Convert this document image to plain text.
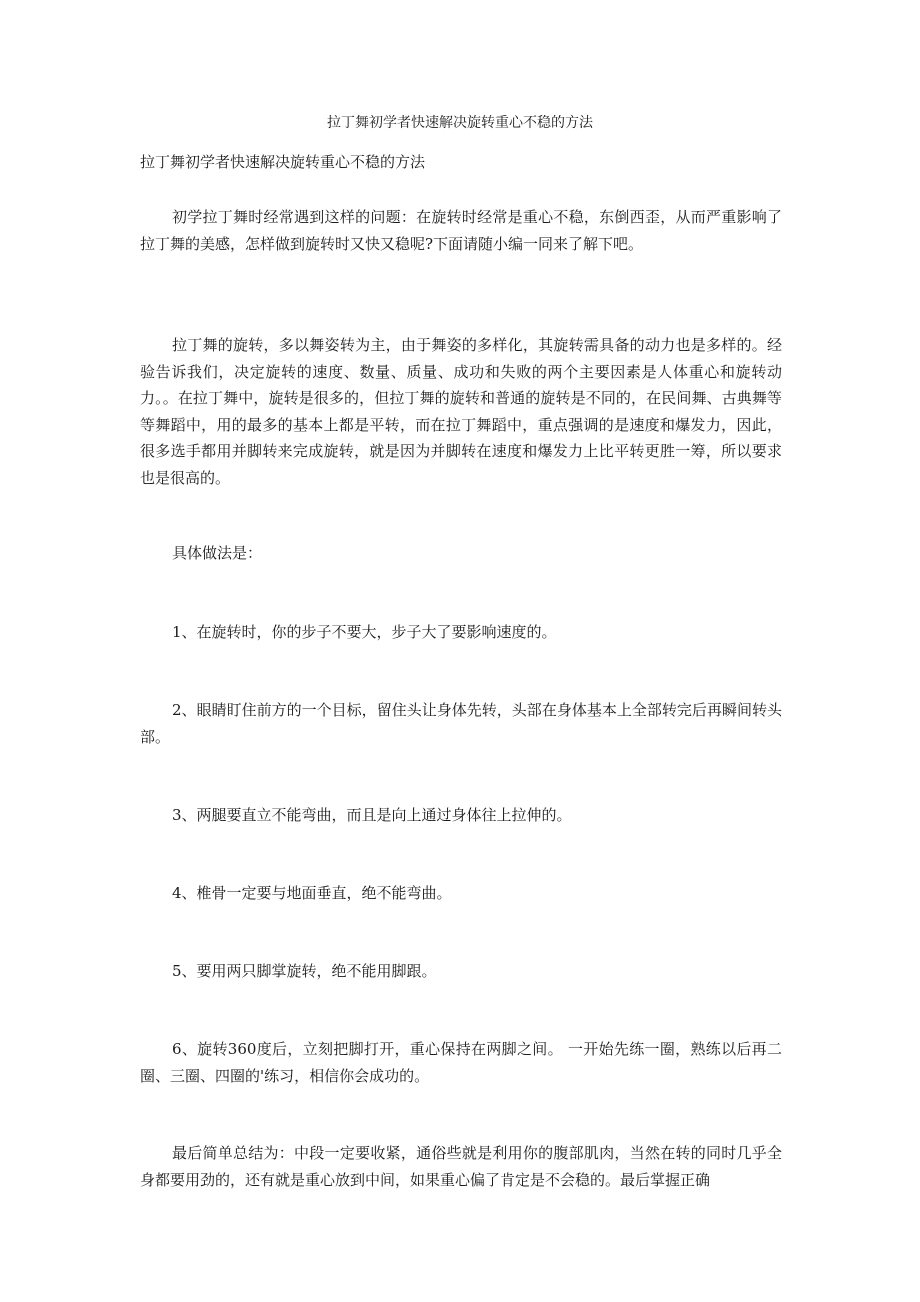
拉丁舞初学者快速解决旋转重心不稳的方法
拉丁舞初学者快速解决旋转重心不稳的方法

初学拉丁舞时经常遇到这样的问题：在旋转时经常是重心不稳，东倒西歪，从而严重影响了拉丁舞的美感，怎样做到旋转时又快又稳呢?下面请随小编一同来了解下吧。

拉丁舞的旋转，多以舞姿转为主，由于舞姿的多样化，其旋转需具备的动力也是多样的。经验告诉我们，决定旋转的速度、数量、质量、成功和失败的两个主要因素是人体重心和旋转动力。。在拉丁舞中，旋转是很多的，但拉丁舞的旋转和普通的旋转是不同的，在民间舞、古典舞等等舞蹈中，用的最多的基本上都是平转，而在拉丁舞蹈中，重点强调的是速度和爆发力，因此，很多选手都用并脚转来完成旋转，就是因为并脚转在速度和爆发力上比平转更胜一筹，所以要求也是很高的。

具体做法是：

1、在旋转时，你的步子不要大，步子大了要影响速度的。

2、眼睛盯住前方的一个目标，留住头让身体先转，头部在身体基本上全部转完后再瞬间转头部。

3、两腿要直立不能弯曲，而且是向上通过身体往上拉伸的。

4、椎骨一定要与地面垂直，绝不能弯曲。

5、要用两只脚掌旋转，绝不能用脚跟。

6、旋转360度后，立刻把脚打开，重心保持在两脚之间。 一开始先练一圈，熟练以后再二圈、三圈、四圈的'练习，相信你会成功的。

最后简单总结为：中段一定要收紧，通俗些就是利用你的腹部肌肉，当然在转的同时几乎全身都要用劲的，还有就是重心放到中间，如果重心偏了肯定是不会稳的。最后掌握正确
